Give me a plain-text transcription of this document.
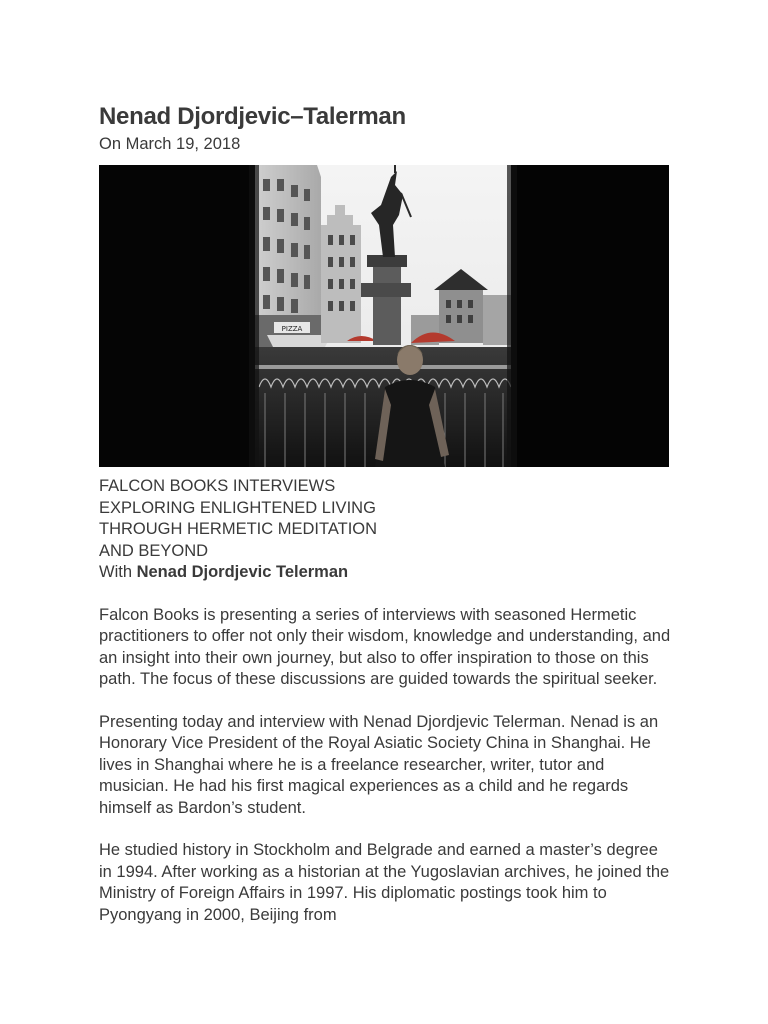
Nenad Djordjevic–Talerman

On March 19, 2018

PIZZA
FALCON BOOKS INTERVIEWS
EXPLORING ENLIGHTENED LIVING
THROUGH HERMETIC MEDITATION
AND BEYOND
With Nenad Djordjevic Telerman

Falcon Books is presenting a series of interviews with seasoned Hermetic practitioners to offer not only their wisdom, knowledge and understanding, and an insight into their own journey, but also to offer inspiration to those on this path. The focus of these discussions are guided towards the spiritual seeker.

Presenting today and interview with Nenad Djordjevic Telerman. Nenad is an Honorary Vice President of the Royal Asiatic Society China in Shanghai. He lives in Shanghai where he is a freelance researcher, writer, tutor and musician. He had his first magical experiences as a child and he regards himself as Bardon’s student.

He studied history in Stockholm and Belgrade and earned a master’s degree in 1994. After working as a historian at the Yugoslavian archives, he joined the Ministry of Foreign Affairs in 1997. His diplomatic postings took him to Pyongyang in 2000, Beijing from
